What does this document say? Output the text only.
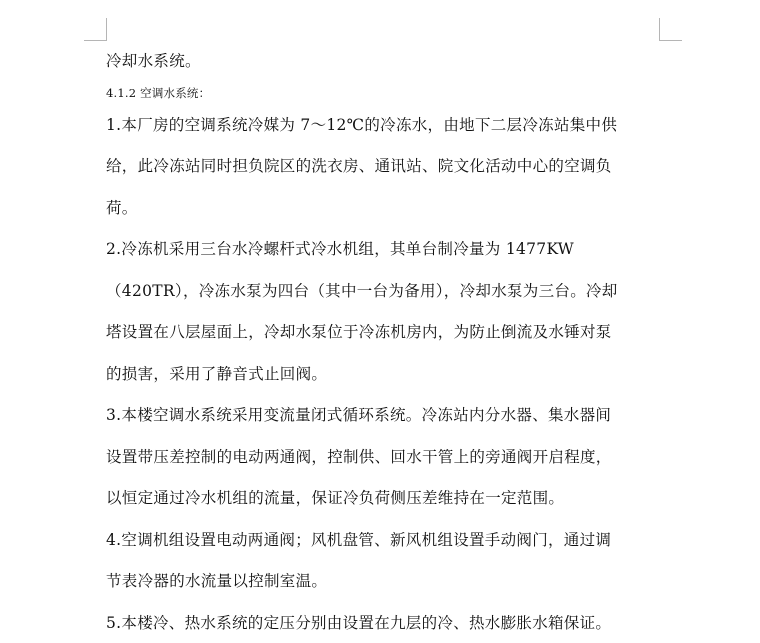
冷却水系统。
4.1.2 空调水系统：
1.本厂房的空调系统冷媒为 7～12℃的冷冻水，由地下二层冷冻站集中供
给，此冷冻站同时担负院区的洗衣房、通讯站、院文化活动中心的空调负
荷。
2.冷冻机采用三台水冷螺杆式冷水机组，其单台制冷量为 1477KW
（420TR），冷冻水泵为四台（其中一台为备用），冷却水泵为三台。冷却
塔设置在八层屋面上，冷却水泵位于冷冻机房内，为防止倒流及水锤对泵
的损害，采用了静音式止回阀。
3.本楼空调水系统采用变流量闭式循环系统。冷冻站内分水器、集水器间
设置带压差控制的电动两通阀，控制供、回水干管上的旁通阀开启程度，
以恒定通过冷水机组的流量，保证冷负荷侧压差维持在一定范围。
4.空调机组设置电动两通阀；风机盘管、新风机组设置手动阀门，通过调
节表冷器的水流量以控制室温。
5.本楼冷、热水系统的定压分别由设置在九层的冷、热水膨胀水箱保证。
